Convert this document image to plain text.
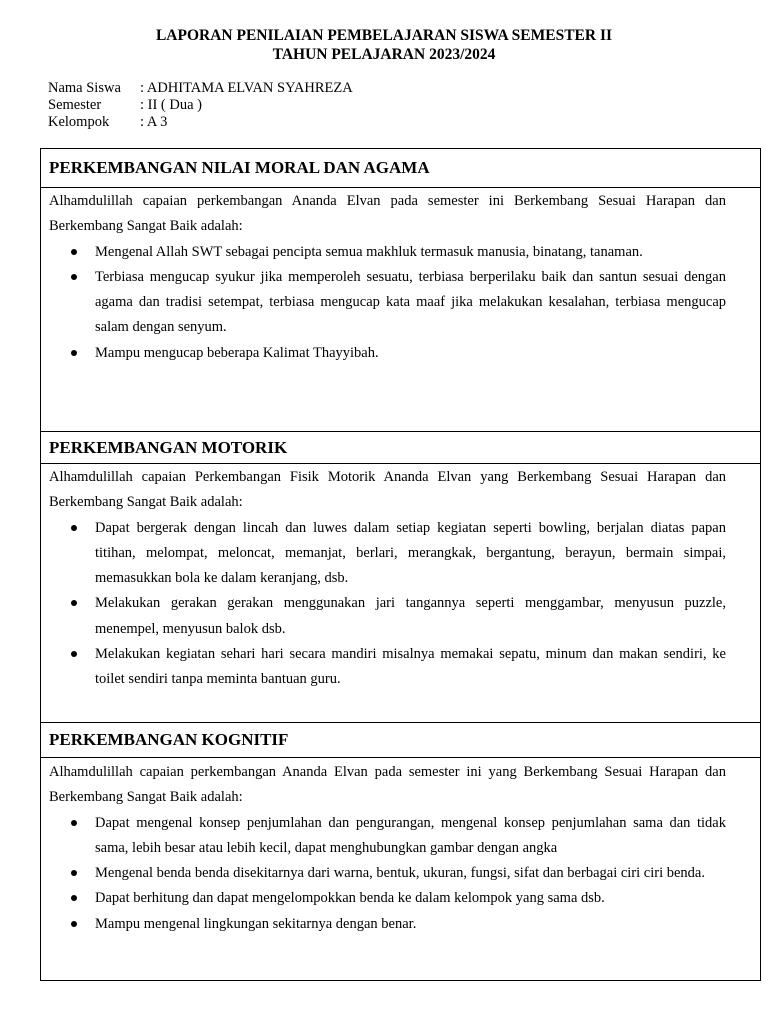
LAPORAN PENILAIAN PEMBELAJARAN SISWA SEMESTER II
TAHUN PELAJARAN 2023/2024
Nama Siswa	: ADHITAMA ELVAN SYAHREZA
Semester	: II ( Dua )
Kelompok	: A 3
PERKEMBANGAN NILAI MORAL DAN AGAMA

Alhamdulillah capaian perkembangan Ananda Elvan pada semester ini Berkembang Sesuai Harapan dan Berkembang Sangat Baik adalah:

Mengenal Allah SWT sebagai pencipta semua makhluk termasuk manusia, binatang, tanaman.
Terbiasa mengucap syukur jika memperoleh sesuatu, terbiasa berperilaku baik dan santun sesuai dengan agama dan tradisi setempat, terbiasa mengucap kata maaf jika melakukan kesalahan, terbiasa mengucap salam dengan senyum.
Mampu mengucap beberapa Kalimat Thayyibah.
PERKEMBANGAN MOTORIK

Alhamdulillah capaian Perkembangan Fisik Motorik Ananda Elvan yang Berkembang Sesuai Harapan dan Berkembang Sangat Baik adalah:

Dapat bergerak dengan lincah dan luwes dalam setiap kegiatan seperti bowling, berjalan diatas papan titihan, melompat, meloncat, memanjat, berlari, merangkak, bergantung, berayun, bermain simpai, memasukkan bola ke dalam keranjang, dsb.
Melakukan gerakan gerakan menggunakan jari tangannya seperti menggambar, menyusun puzzle, menempel, menyusun balok dsb.
Melakukan kegiatan sehari hari secara mandiri misalnya memakai sepatu, minum dan makan sendiri, ke toilet sendiri tanpa meminta bantuan guru.
PERKEMBANGAN KOGNITIF

Alhamdulillah capaian perkembangan Ananda Elvan pada semester ini yang Berkembang Sesuai Harapan dan Berkembang Sangat Baik adalah:

Dapat mengenal konsep penjumlahan dan pengurangan, mengenal konsep penjumlahan sama dan tidak sama, lebih besar atau lebih kecil, dapat menghubungkan gambar dengan angka
Mengenal benda benda disekitarnya dari warna, bentuk, ukuran, fungsi, sifat dan berbagai ciri ciri benda.
Dapat berhitung dan dapat mengelompokkan benda ke dalam kelompok yang sama dsb.
Mampu mengenal lingkungan sekitarnya dengan benar.
